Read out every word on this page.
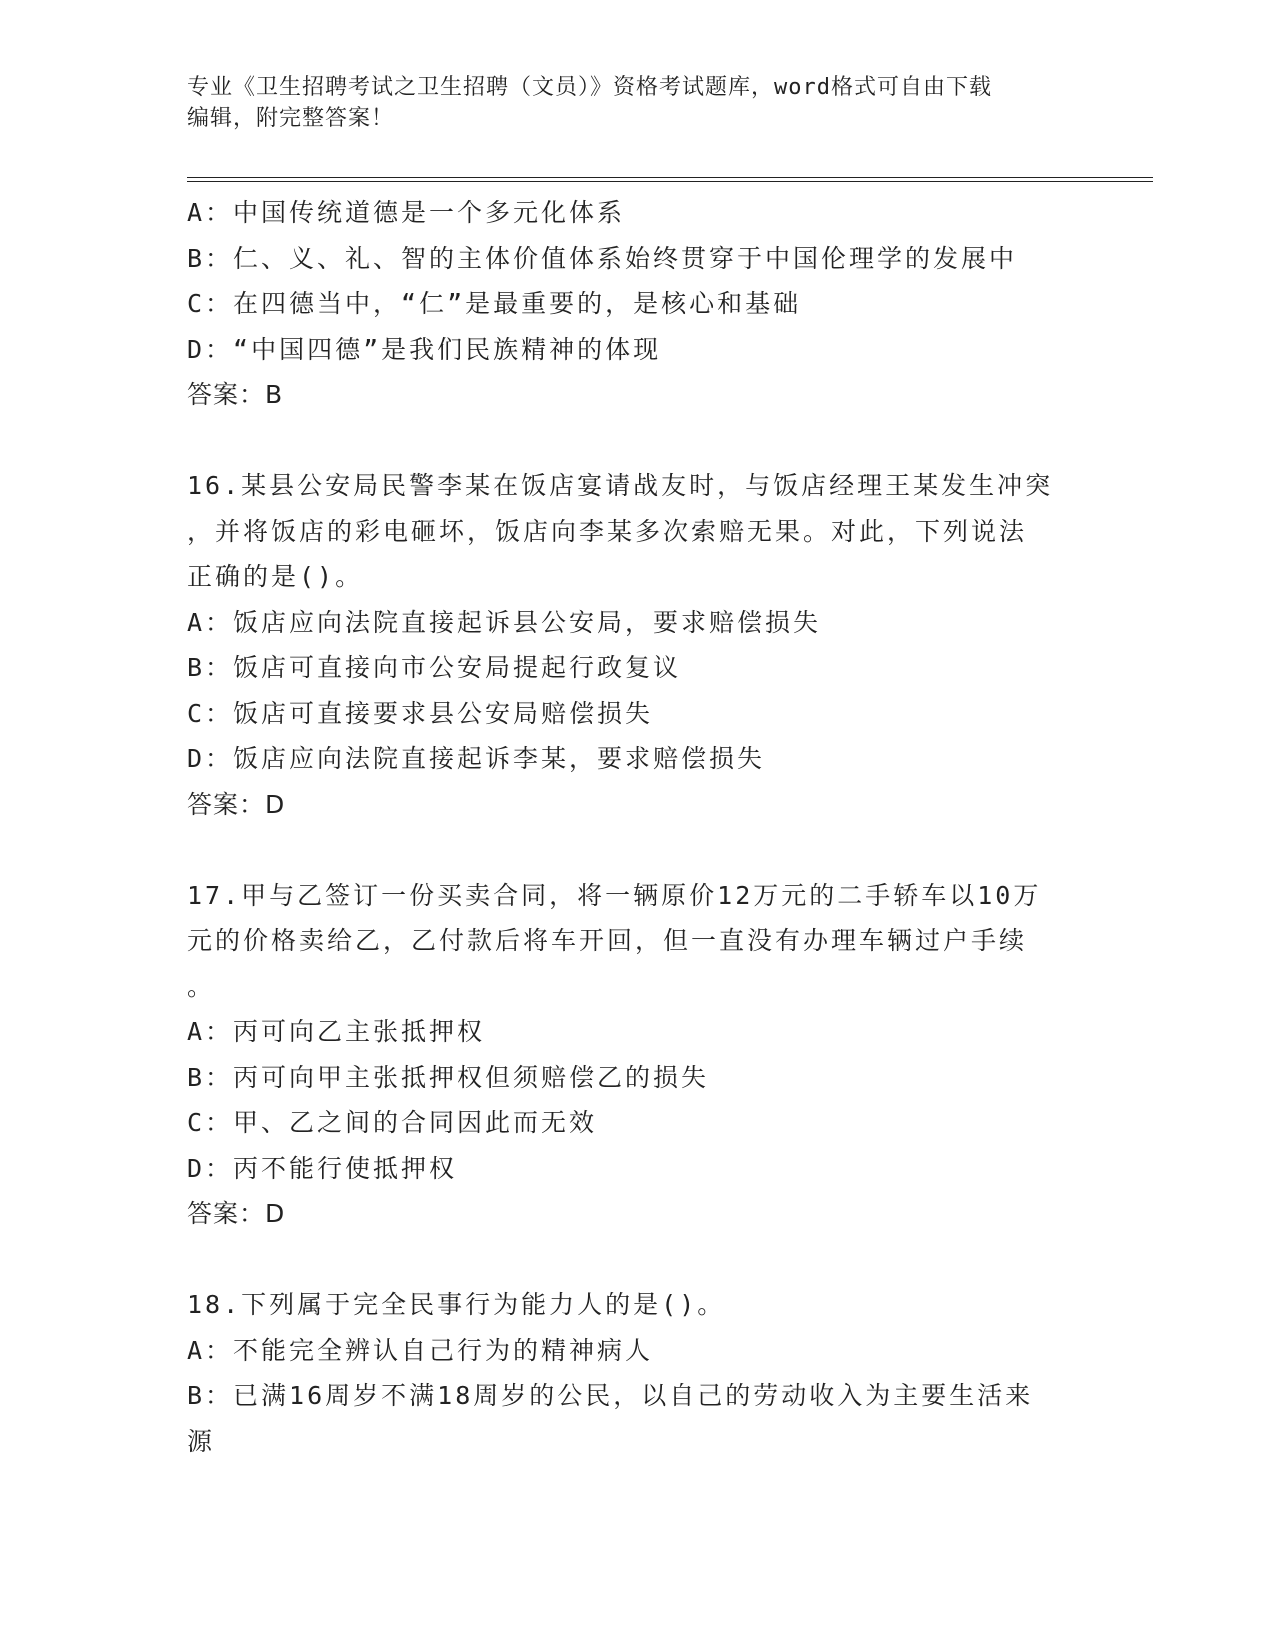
专业《卫生招聘考试之卫生招聘（文员）》资格考试题库，word格式可自由下载
编辑，附完整答案！
A：中国传统道德是一个多元化体系
B：仁、义、礼、智的主体价值体系始终贯穿于中国伦理学的发展中
C：在四德当中，“仁”是最重要的，是核心和基础
D：“中国四德”是我们民族精神的体现
答案：B
16.某县公安局民警李某在饭店宴请战友时，与饭店经理王某发生冲突
，并将饭店的彩电砸坏，饭店向李某多次索赔无果。对此，下列说法
正确的是()。
A：饭店应向法院直接起诉县公安局，要求赔偿损失
B：饭店可直接向市公安局提起行政复议
C：饭店可直接要求县公安局赔偿损失
D：饭店应向法院直接起诉李某，要求赔偿损失
答案：D
17.甲与乙签订一份买卖合同，将一辆原价12万元的二手轿车以10万
元的价格卖给乙，乙付款后将车开回，但一直没有办理车辆过户手续
。
A：丙可向乙主张抵押权
B：丙可向甲主张抵押权但须赔偿乙的损失
C：甲、乙之间的合同因此而无效
D：丙不能行使抵押权
答案：D
18.下列属于完全民事行为能力人的是()。
A：不能完全辨认自己行为的精神病人
B：已满16周岁不满18周岁的公民，以自己的劳动收入为主要生活来
源
